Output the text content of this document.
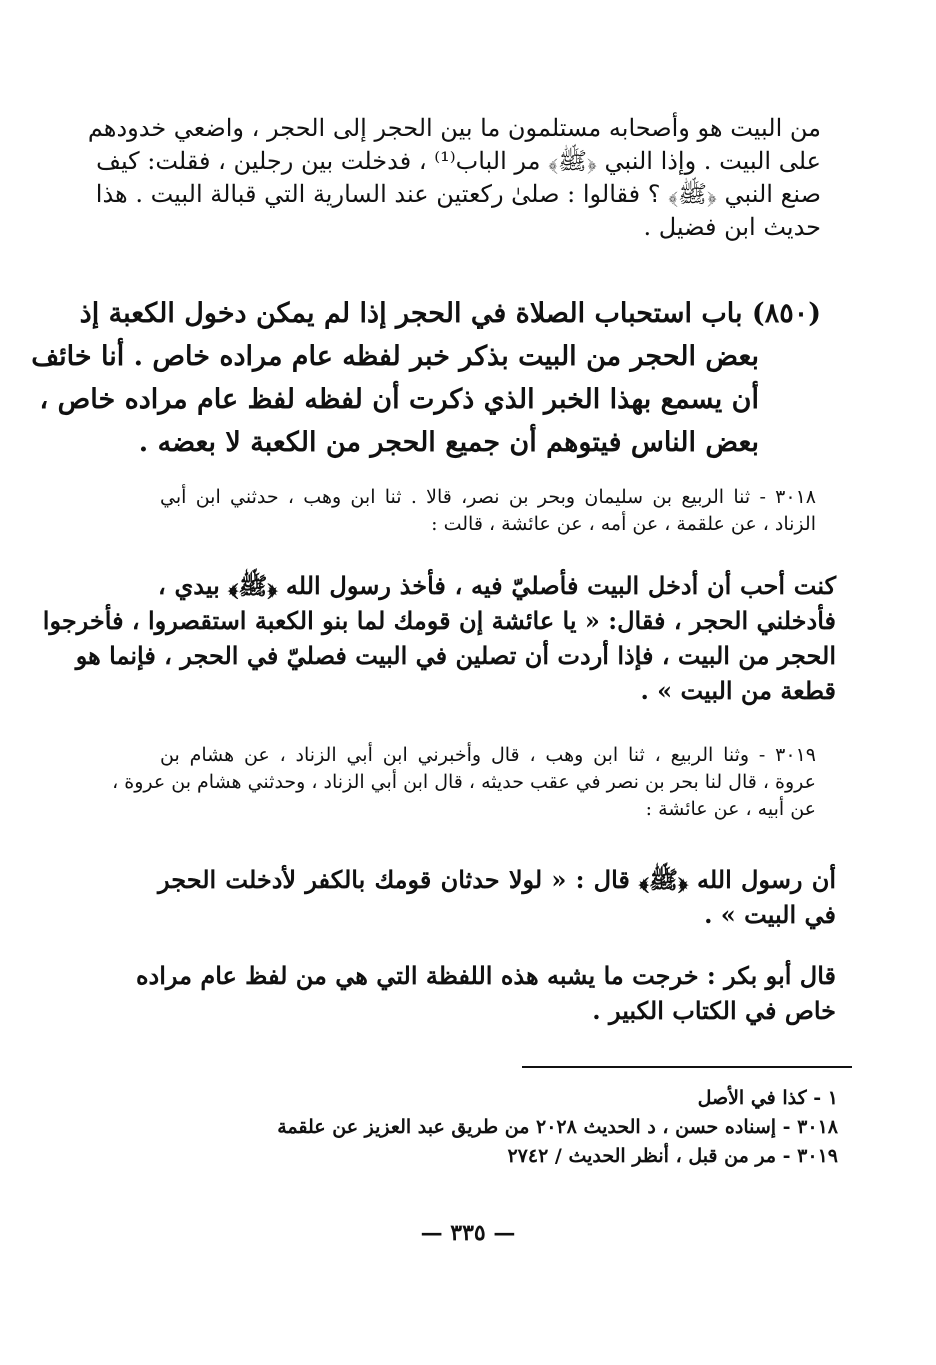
من البيت هو وأصحابه مستلمون ما بين الحجر إلى الحجر ، واضعي خدودهم
على البيت . وإذا النبي ﴿ﷺ﴾ مر الباب⁽¹⁾ ، فدخلت بين رجلين ، فقلت: كيف
صنع النبي ﴿ﷺ﴾ ؟ فقالوا : صلىٰ ركعتين عند السارية التي قبالة البيت . هذا
حديث ابن فضيل .
(٨٥٠) باب استحباب الصلاة في الحجر إذا لم يمكن دخول الكعبة إذ
بعض الحجر من البيت بذكر خبر لفظه عام مراده خاص . أنا خائف
أن يسمع بهذا الخبر الذي ذكرت أن لفظه لفظ عام مراده خاص ،
بعض الناس فيتوهم أن جميع الحجر من الكعبة لا بعضه .
٣٠١٨ - ثنا الربيع بن سليمان وبحر بن نصر، قالا . ثنا ابن وهب ، حدثني ابن أبي
الزناد ، عن علقمة ، عن أمه ، عن عائشة ، قالت :
كنت أحب أن أدخل البيت فأصليّ فيه ، فأخذ رسول الله ﴿ﷺ﴾ بيدي ،
فأدخلني الحجر ، فقال: « يا عائشة إن قومك لما بنو الكعبة استقصروا ، فأخرجوا
الحجر من البيت ، فإذا أردت أن تصلين في البيت فصليّ في الحجر ، فإنما هو
قطعة من البيت » .
٣٠١٩ - وثنا الربيع ، ثنا ابن وهب ، قال وأخبرني ابن أبي الزناد ، عن هشام بن
عروة ، قال لنا بحر بن نصر في عقب حديثه ، قال ابن أبي الزناد ، وحدثني هشام بن عروة ،
عن أبيه ، عن عائشة :
أن رسول الله ﴿ﷺ﴾ قال : « لولا حدثان قومك بالكفر لأدخلت الحجر
في البيت » .
قال أبو بكر : خرجت ما يشبه هذه اللفظة التي هي من لفظ عام مراده
خاص في الكتاب الكبير .
١ - كذا في الأصل
٣٠١٨ - إسناده حسن ، د الحديث ٢٠٢٨ من طريق عبد العزيز عن علقمة
٣٠١٩ - مر من قبل ، أنظر الحديث / ٢٧٤٢
— ٣٣٥ —
